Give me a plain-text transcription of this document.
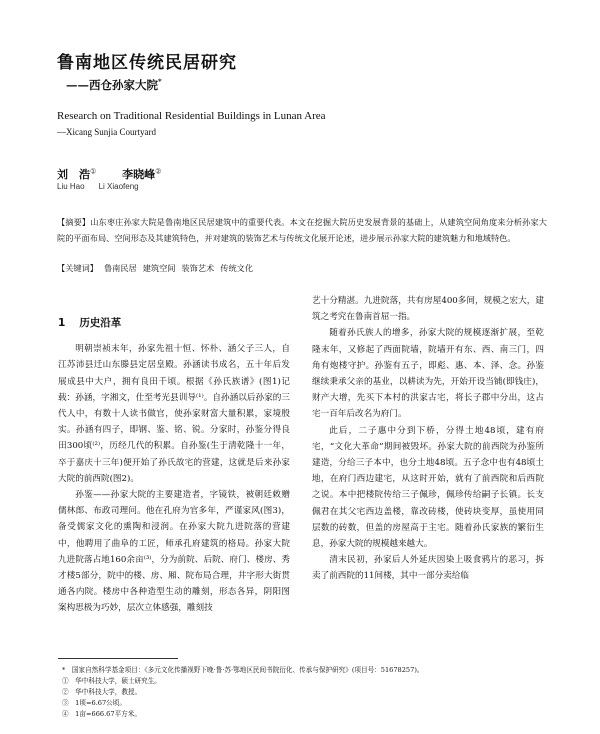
鲁南地区传统民居研究
——西仓孙家大院*
Research on Traditional Residential Buildings in Lunan Area
—Xicang Sunjia Courtyard
刘　浩① 李晓峰②
Liu Hao Li Xiaofeng
【摘要】山东枣庄孙家大院是鲁南地区民居建筑中的重要代表。本文在挖掘大院历史发展背景的基础上，从建筑空间角度来分析孙家大院的平面布局、空间形态及其建筑特色，并对建筑的装饰艺术与传统文化展开论述，进步展示孙家大院的建筑魅力和地域特色。
【关键词】 鲁南民居 建筑空间 装饰艺术 传统文化
1 历史沿革

明朝崇祯末年，孙家先祖十恒、怀朴、涵父子三人，自江苏沛县迁山东滕县定居皇殿。孙涵读书成名，五十年后发展成县中大户，拥有良田千顷。根据《孙氏族谱》(图1)记载：孙涵，字湘文，仕至考光县训导⁽¹⁾。自孙涵以后孙家的三代人中，有数十人读书做官，使孙家财富大量积累，家境殷实。孙涵有四子，即钢、鉴、铭、锐。分家时，孙鉴分得良田300顷⁽²⁾，历经几代的积累。自孙鉴(生于清乾隆十一年，卒于嘉庆十三年)便开始了孙氏故宅的营建，这就是后来孙家大院的前西院(图2)。

孙鉴——孙家大院的主要建造者，字镜铁，被朝廷敕赠儒林郎、布政司理问。他在孔府为官多年，严谨家风(图3)，备受儒家文化的熏陶和浸润。在孙家大院九进院落的营建中，他聘用了曲阜的工匠，师承孔府建筑的格局。孙家大院九进院落占地160余亩⁽³⁾，分为前院、后院、府门、楼房、秀才楼5部分，院中的楼、房、厢、院布局合理，井字形大街贯通各内院。楼房中各种造型生动的雕刻，形态各异，阴阳图案构思极为巧妙，层次立体感强，雕刻技

艺十分精湛。九进院落，共有房屋400多间，规模之宏大，建筑之考究在鲁南首屈一指。

随着孙氏族人的增多，孙家大院的规模逐渐扩展，至乾隆末年，又修起了西面院墙，院墙开有东、西、南三门，四角有炮楼守护。孙鉴有五子，即彪、惠、本、泽、念。孙鉴继续秉承父亲的基业，以耕读为先，开始开设当铺(即钱庄)，财产大增，先买下本村的洪家古宅，将长子郡中分出，这占宅一百年后改名为府门。

此后，二子惠中分到下桥，分得土地48顷，建有府宅，“文化大革命”期间被毁坏。孙家大院的前西院为孙鉴所建造，分给三子本中，也分土地48顷。五子念中也有48顷土地，在府门西边建宅，从这时开始，就有了前西院和后西院之说。本中把楼院传给三子佩珍，佩珍传给嗣子长镇。长支佩君在其父宅西边盖楼，靠改砖楼，使砖块变厚，虽使用同层数的砖数，但盖的房屋高于主宅。随着孙氏家族的繁衍生息，孙家大院的规模越来越大。

清末民初，孙家后人外延庆因染上吸食鸦片的恶习，拆卖了前西院的11间楼，其中一部分卖给临

*　国家自然科学基金项目：《多元文化传播视野下晚·鲁·苏·鄂地区民间书院衍化、传承与保护研究》(项目号：51678257)。
①　华中科技大学，硕士研究生。
②　华中科技大学，教授。
③　1顷=6.67公顷。
④　1亩=666.67平方米。
